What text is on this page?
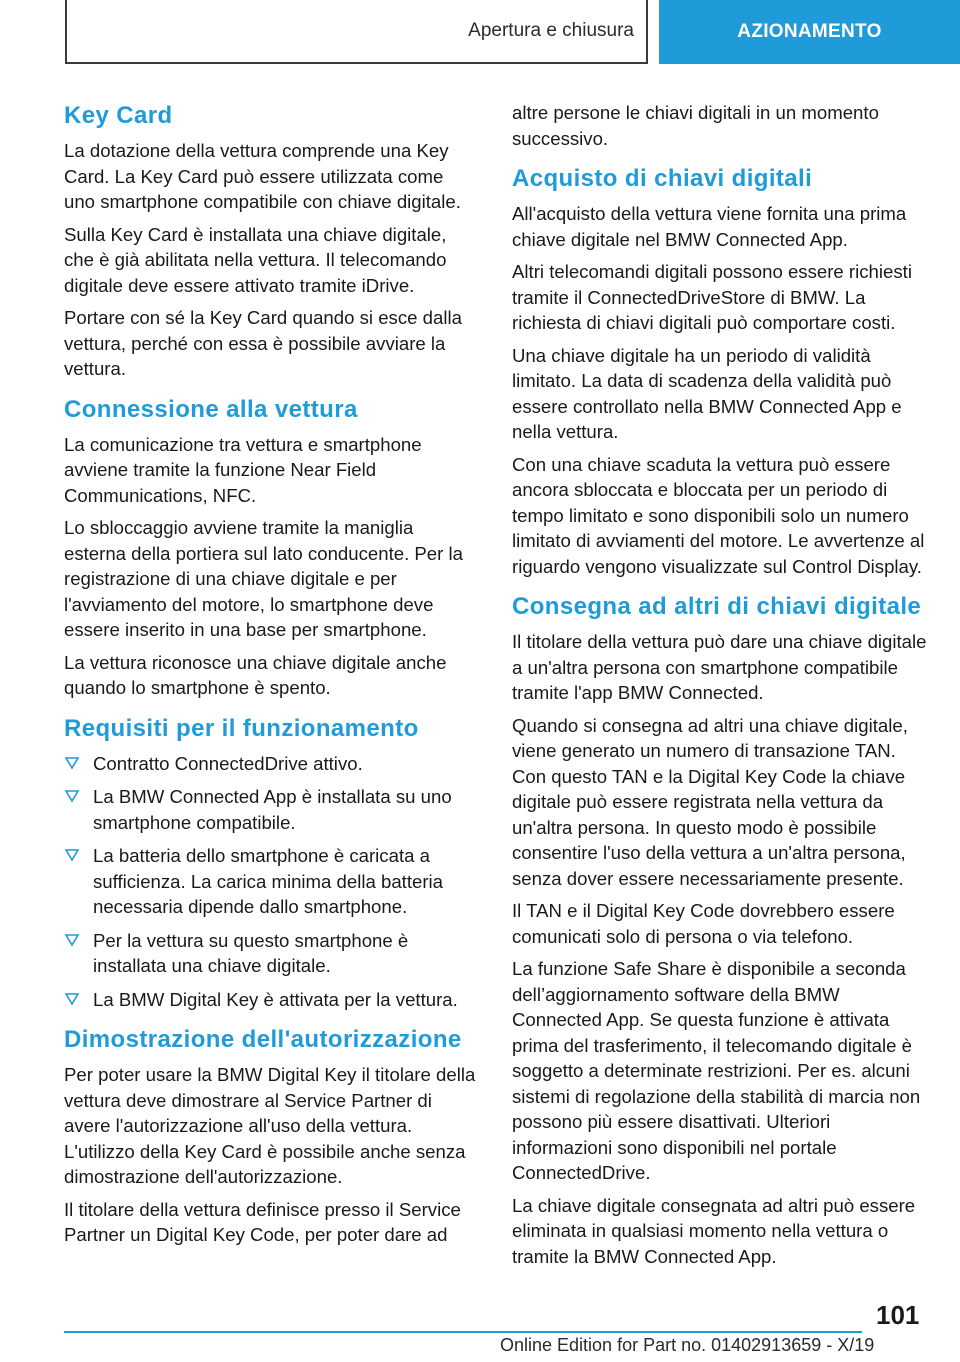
Apertura e chiusura	AZIONAMENTO
Key Card

La dotazione della vettura comprende una Key Card. La Key Card può essere utilizzata come uno smartphone compatibile con chiave digitale.

Sulla Key Card è installata una chiave digitale, che è già abilitata nella vettura. Il telecomando digitale deve essere attivato tramite iDrive.

Portare con sé la Key Card quando si esce dalla vettura, perché con essa è possibile avviare la vettura.

Connessione alla vettura

La comunicazione tra vettura e smartphone avviene tramite la funzione Near Field Communications, NFC.

Lo sbloccaggio avviene tramite la maniglia esterna della portiera sul lato conducente. Per la registrazione di una chiave digitale e per l'avviamento del motore, lo smartphone deve essere inserito in una base per smartphone.

La vettura riconosce una chiave digitale anche quando lo smartphone è spento.

Requisiti per il funzionamento
Contratto ConnectedDrive attivo.
La BMW Connected App è installata su uno smartphone compatibile.
La batteria dello smartphone è caricata a sufficienza. La carica minima della batteria necessaria dipende dallo smartphone.
Per la vettura su questo smartphone è installata una chiave digitale.
La BMW Digital Key è attivata per la vettura.
Dimostrazione dell'autorizzazione

Per poter usare la BMW Digital Key il titolare della vettura deve dimostrare al Service Partner di avere l'autorizzazione all'uso della vettura. L'utilizzo della Key Card è possibile anche senza dimostrazione dell'autorizzazione.

Il titolare della vettura definisce presso il Service Partner un Digital Key Code, per poter dare ad

altre persone le chiavi digitali in un momento successivo.

Acquisto di chiavi digitali

All'acquisto della vettura viene fornita una prima chiave digitale nel BMW Connected App.

Altri telecomandi digitali possono essere richiesti tramite il ConnectedDriveStore di BMW. La richiesta di chiavi digitali può comportare costi.

Una chiave digitale ha un periodo di validità limitato. La data di scadenza della validità può essere controllato nella BMW Connected App e nella vettura.

Con una chiave scaduta la vettura può essere ancora sbloccata e bloccata per un periodo di tempo limitato e sono disponibili solo un numero limitato di avviamenti del motore. Le avvertenze al riguardo vengono visualizzate sul Control Display.

Consegna ad altri di chiavi digitale

Il titolare della vettura può dare una chiave digitale a un'altra persona con smartphone compatibile tramite l'app BMW Connected.

Quando si consegna ad altri una chiave digitale, viene generato un numero di transazione TAN. Con questo TAN e la Digital Key Code la chiave digitale può essere registrata nella vettura da un'altra persona. In questo modo è possibile consentire l'uso della vettura a un'altra persona, senza dover essere necessariamente presente.

Il TAN e il Digital Key Code dovrebbero essere comunicati solo di persona o via telefono.

La funzione Safe Share è disponibile a seconda dell’aggiornamento software della BMW Connected App. Se questa funzione è attivata prima del trasferimento, il telecomando digitale è soggetto a determinate restrizioni. Per es. alcuni sistemi di regolazione della stabilità di marcia non possono più essere disattivati. Ulteriori informazioni sono disponibili nel portale ConnectedDrive.

La chiave digitale consegnata ad altri può essere eliminata in qualsiasi momento nella vettura o tramite la BMW Connected App.

101
Online Edition for Part no. 01402913659 - X/19
